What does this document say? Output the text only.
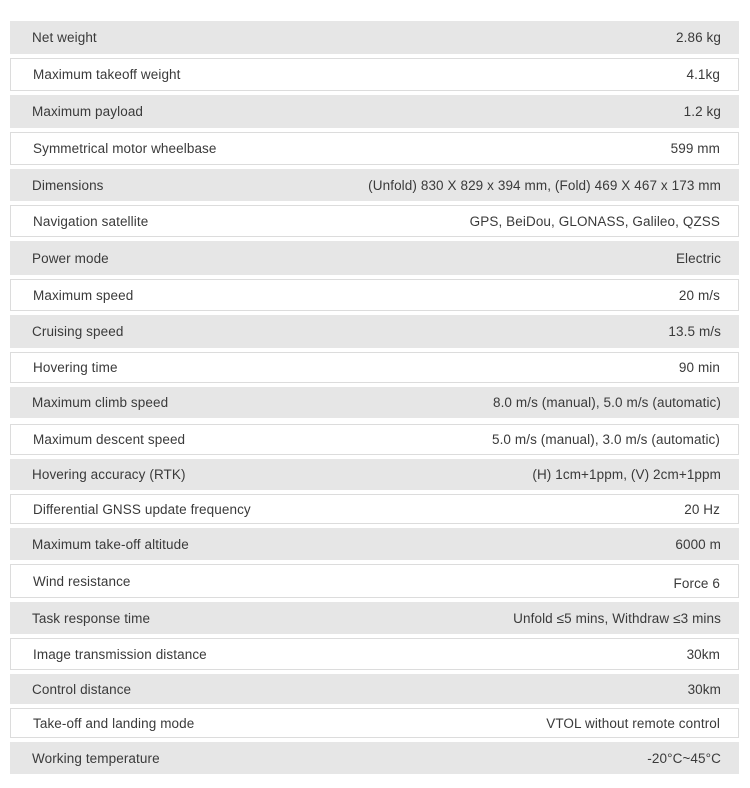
Net weight	2.86 kg
Maximum takeoff weight	4.1kg
Maximum payload	1.2 kg
Symmetrical motor wheelbase	599 mm
Dimensions	(Unfold) 830 X 829 x 394 mm, (Fold) 469 X 467 x 173 mm
Navigation satellite	GPS, BeiDou, GLONASS, Galileo, QZSS
Power mode	Electric
Maximum speed	20 m/s
Cruising speed	13.5 m/s
Hovering time	90 min
Maximum climb speed	8.0 m/s (manual), 5.0 m/s (automatic)
Maximum descent speed	5.0 m/s (manual), 3.0 m/s (automatic)
Hovering accuracy (RTK)	(H) 1cm+1ppm, (V) 2cm+1ppm
Differential GNSS update frequency	20 Hz
Maximum take-off altitude	6000 m
Wind resistance	Force 6
Task response time	Unfold ≤5 mins, Withdraw ≤3 mins
Image transmission distance	30km
Control distance	30km
Take-off and landing mode	VTOL without remote control
Working temperature	-20°C~45°C
